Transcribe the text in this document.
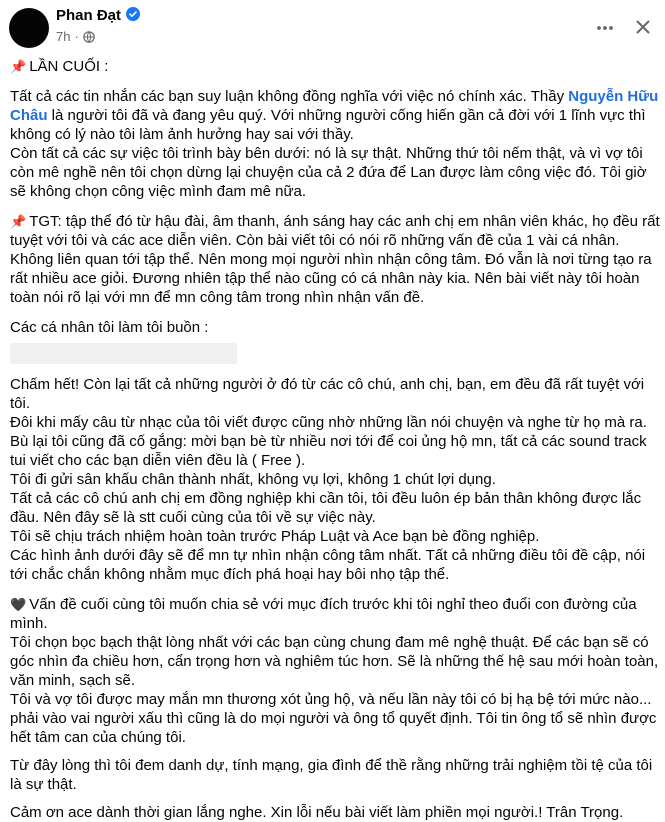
Phan Đạt
7h ·

📌 LẦN CUỐI :

Tất cả các tin nhắn các bạn suy luận không đồng nghĩa với việc nó chính xác. Thầy Nguyễn Hữu Châu là người tôi đã và đang yêu quý. Với những người cống hiến gần cả đời với 1 lĩnh vực thì không có lý nào tôi làm ảnh hưởng hay sai với thầy.

Còn tất cả các sự việc tôi trình bày bên dưới: nó là sự thật. Những thứ tôi nếm thật, và vì vợ tôi còn mê nghề nên tôi chọn dừng lại chuyện của cả 2 đứa để Lan được làm công việc đó. Tôi giờ sẽ không chọn công việc mình đam mê nữa.

📌 TGT: tập thể đó từ hậu đài, âm thanh, ánh sáng hay các anh chị em nhân viên khác, họ đều rất tuyệt với tôi và các ace diễn viên. Còn bài viết tôi có nói rõ những vấn đề của 1 vài cá nhân. Không liên quan tới tập thể. Nên mong mọi người nhìn nhận công tâm. Đó vẫn là nơi từng tạo ra rất nhiều ace giỏi. Đương nhiên tập thể nào cũng có cá nhân này kia. Nên bài viết này tôi hoàn toàn nói rõ lại với mn để mn công tâm trong nhìn nhận vấn đề.

Các cá nhân tôi làm tôi buồn :

Chấm hết! Còn lại tất cả những người ở đó từ các cô chú, anh chị, bạn, em đều đã rất tuyệt với tôi.

Đôi khi mấy câu từ nhạc của tôi viết được cũng nhờ những lần nói chuyện và nghe từ họ mà ra.

Bù lại tôi cũng đã cố gắng: mời bạn bè từ nhiều nơi tới để coi ủng hộ mn, tất cả các sound track tui viết cho các bạn diễn viên đều là ( Free ).

Tôi đi gửi sân khấu chân thành nhất, không vụ lợi, không 1 chút lợi dụng.

Tất cả các cô chú anh chị em đồng nghiệp khi cần tôi, tôi đều luôn ép bản thân không được lắc đầu. Nên đây sẽ là stt cuối cùng của tôi về sự việc này.

Tôi sẽ chịu trách nhiệm hoàn toàn trước Pháp Luật và Ace bạn bè đồng nghiệp.

Các hình ảnh dưới đây sẽ để mn tự nhìn nhận công tâm nhất. Tất cả những điều tôi đề cập, nói tới chắc chắn không nhằm mục đích phá hoại hay bôi nhọ tập thể.

🖤 Vấn đề cuối cùng tôi muốn chia sẻ với mục đích trước khi tôi nghỉ theo đuổi con đường của mình.

Tôi chọn bọc bạch thật lòng nhất với các bạn cùng chung đam mê nghệ thuật. Để các bạn sẽ có góc nhìn đa chiều hơn, cẩn trọng hơn và nghiêm túc hơn. Sẽ là những thế hệ sau mới hoàn toàn, văn minh, sạch sẽ.

Tôi và vợ tôi được may mắn mn thương xót ủng hộ, và nếu lần này tôi có bị hạ bệ tới mức nào... phải vào vai người xấu thì cũng là do mọi người và ông tổ quyết định. Tôi tin ông tổ sẽ nhìn được hết tâm can của chúng tôi.

Từ đây lòng thì tôi đem danh dự, tính mạng, gia đình để thề rằng những trải nghiệm tồi tệ của tôi là sự thật.

Cảm ơn ace dành thời gian lắng nghe. Xin lỗi nếu bài viết làm phiền mọi người.! Trân Trọng.
